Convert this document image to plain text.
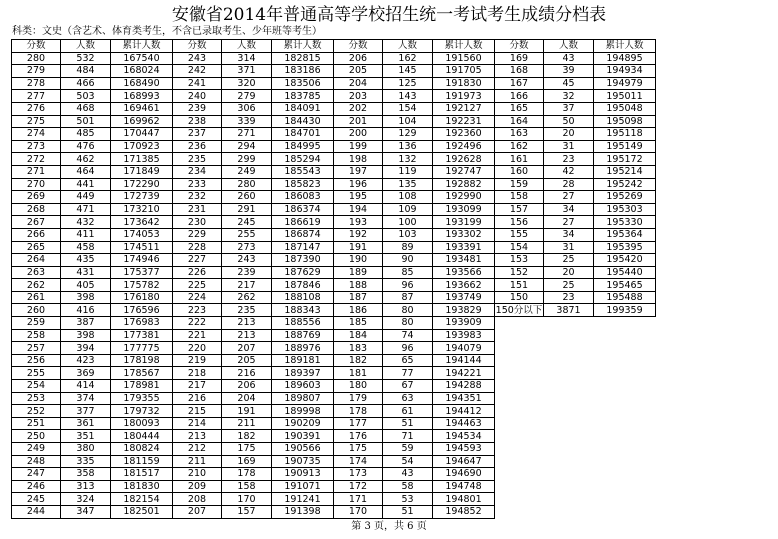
安徽省2014年普通高等学校招生统一考试考生成绩分档表
科类：文史（含艺术、体育类考生，不含已录取考生、少年班等考生）
分数	人数	累计人数	分数	人数	累计人数	分数	人数	累计人数	分数	人数	累计人数
280	532	167540	243	314	182815	206	162	191560	169	43	194895
279	484	168024	242	371	183186	205	145	191705	168	39	194934
278	466	168490	241	320	183506	204	125	191830	167	45	194979
277	503	168993	240	279	183785	203	143	191973	166	32	195011
276	468	169461	239	306	184091	202	154	192127	165	37	195048
275	501	169962	238	339	184430	201	104	192231	164	50	195098
274	485	170447	237	271	184701	200	129	192360	163	20	195118
273	476	170923	236	294	184995	199	136	192496	162	31	195149
272	462	171385	235	299	185294	198	132	192628	161	23	195172
271	464	171849	234	249	185543	197	119	192747	160	42	195214
270	441	172290	233	280	185823	196	135	192882	159	28	195242
269	449	172739	232	260	186083	195	108	192990	158	27	195269
268	471	173210	231	291	186374	194	109	193099	157	34	195303
267	432	173642	230	245	186619	193	100	193199	156	27	195330
266	411	174053	229	255	186874	192	103	193302	155	34	195364
265	458	174511	228	273	187147	191	89	193391	154	31	195395
264	435	174946	227	243	187390	190	90	193481	153	25	195420
263	431	175377	226	239	187629	189	85	193566	152	20	195440
262	405	175782	225	217	187846	188	96	193662	151	25	195465
261	398	176180	224	262	188108	187	87	193749	150	23	195488
260	416	176596	223	235	188343	186	80	193829	150分以下	3871	199359
259	387	176983	222	213	188556	185	80	193909			
258	398	177381	221	213	188769	184	74	193983			
257	394	177775	220	207	188976	183	96	194079			
256	423	178198	219	205	189181	182	65	194144			
255	369	178567	218	216	189397	181	77	194221			
254	414	178981	217	206	189603	180	67	194288			
253	374	179355	216	204	189807	179	63	194351			
252	377	179732	215	191	189998	178	61	194412			
251	361	180093	214	211	190209	177	51	194463			
250	351	180444	213	182	190391	176	71	194534			
249	380	180824	212	175	190566	175	59	194593			
248	335	181159	211	169	190735	174	54	194647			
247	358	181517	210	178	190913	173	43	194690			
246	313	181830	209	158	191071	172	58	194748			
245	324	182154	208	170	191241	171	53	194801			
244	347	182501	207	157	191398	170	51	194852			
第 3 页，共 6 页
